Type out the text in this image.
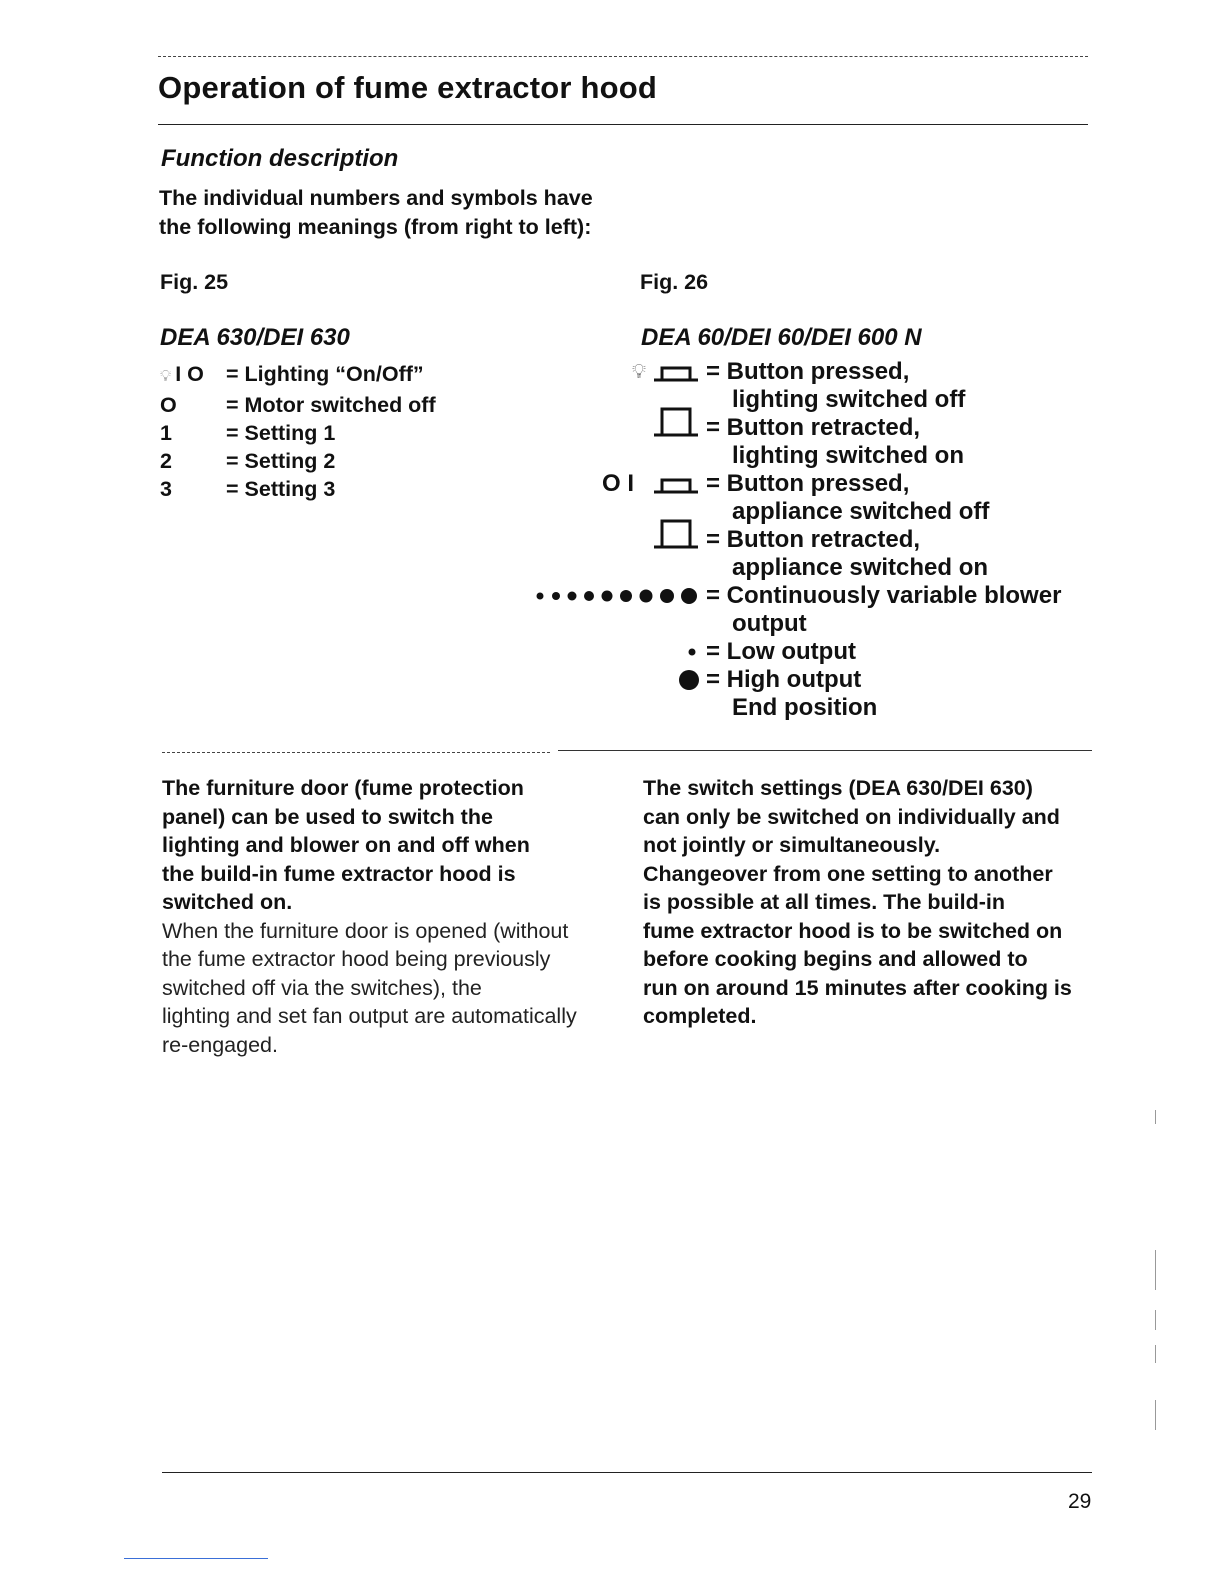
Operation of fume extractor hood
Function description
The individual numbers and symbols have
the following meanings (from right to left):
Fig. 25
DEA 630/DEI 630
💡︎ I O	= Lighting “On/Off”
O	= Motor switched off
1	= Setting 1
2	= Setting 2
3	= Setting 3
Fig. 26
DEA 60/DEI 60/DEI 600 N
💡︎	= Button pressed,
lighting switched off
= Button retracted,
lighting switched on
O I	= Button pressed,
appliance switched off
= Button retracted,
appliance switched on
= Continuously variable blower
output
= Low output
= High output
End position
The furniture door (fume protection
panel) can be used to switch the
lighting and blower on and off when
the build-in fume extractor hood is
switched on.
When the furniture door is opened (without
the fume extractor hood being previously
switched off via the switches), the
lighting and set fan output are automatically
re-engaged.
The switch settings (DEA 630/DEI 630)
can only be switched on individually and
not jointly or simultaneously.
Changeover from one setting to another
is possible at all times. The build-in
fume extractor hood is to be switched on
before cooking begins and allowed to
run on around 15 minutes after cooking is
completed.
29
